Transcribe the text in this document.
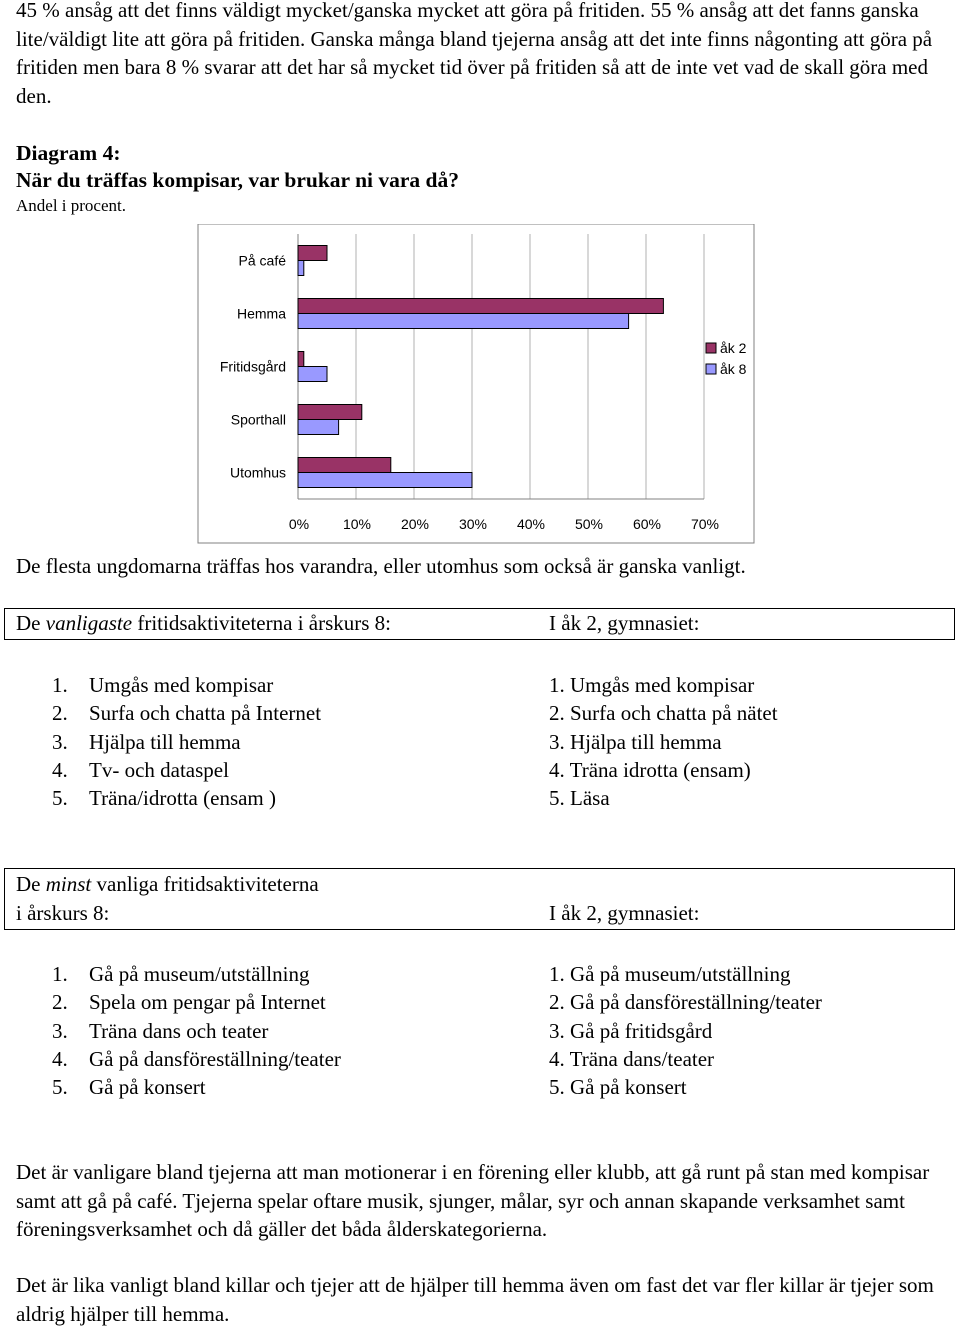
45 % ansåg att det finns väldigt mycket/ganska mycket att göra på fritiden. 55 % ansåg att det fanns ganska lite/väldigt lite att göra på fritiden. Ganska många bland tjejerna ansåg att det inte finns någonting att göra på fritiden men bara 8 % svarar att det har så mycket tid över på fritiden så att de inte vet vad de skall göra med den.

Diagram 4:
När du träffas kompisar, var brukar ni vara då?
Andel i procent.
0% 10% 20% 30% 40% 50% 60% 70%
På café
Hemma
Fritidsgård
Sporthall
Utomhus
åk 2
åk 8

De flesta ungdomarna träffas hos varandra, eller utomhus som också är ganska vanligt.

De vanligaste fritidsaktiviteterna i årskurs 8:	I åk 2, gymnasiet:
1. Umgås med kompisar
2. Surfa och chatta på Internet
3. Hjälpa till hemma
4. Tv- och dataspel
5. Träna/idrotta (ensam )
1. Umgås med kompisar
2. Surfa och chatta på nätet
3. Hjälpa till hemma
4. Träna idrotta (ensam)
5. Läsa
De minst vanliga fritidsaktiviteterna
i årskurs 8:	I åk 2, gymnasiet:
1. Gå på museum/utställning
2. Spela om pengar på Internet
3. Träna dans och teater
4. Gå på dansföreställning/teater
5. Gå på konsert
1. Gå på museum/utställning
2. Gå på dansföreställning/teater
3. Gå på fritidsgård
4. Träna dans/teater
5. Gå på konsert

Det är vanligare bland tjejerna att man motionerar i en förening eller klubb, att gå runt på stan med kompisar samt att gå på café. Tjejerna spelar oftare musik, sjunger, målar, syr och annan skapande verksamhet samt föreningsverksamhet och då gäller det båda ålderskategorierna.

Det är lika vanligt bland killar och tjejer att de hjälper till hemma även om fast det var fler killar är tjejer som aldrig hjälper till hemma.
